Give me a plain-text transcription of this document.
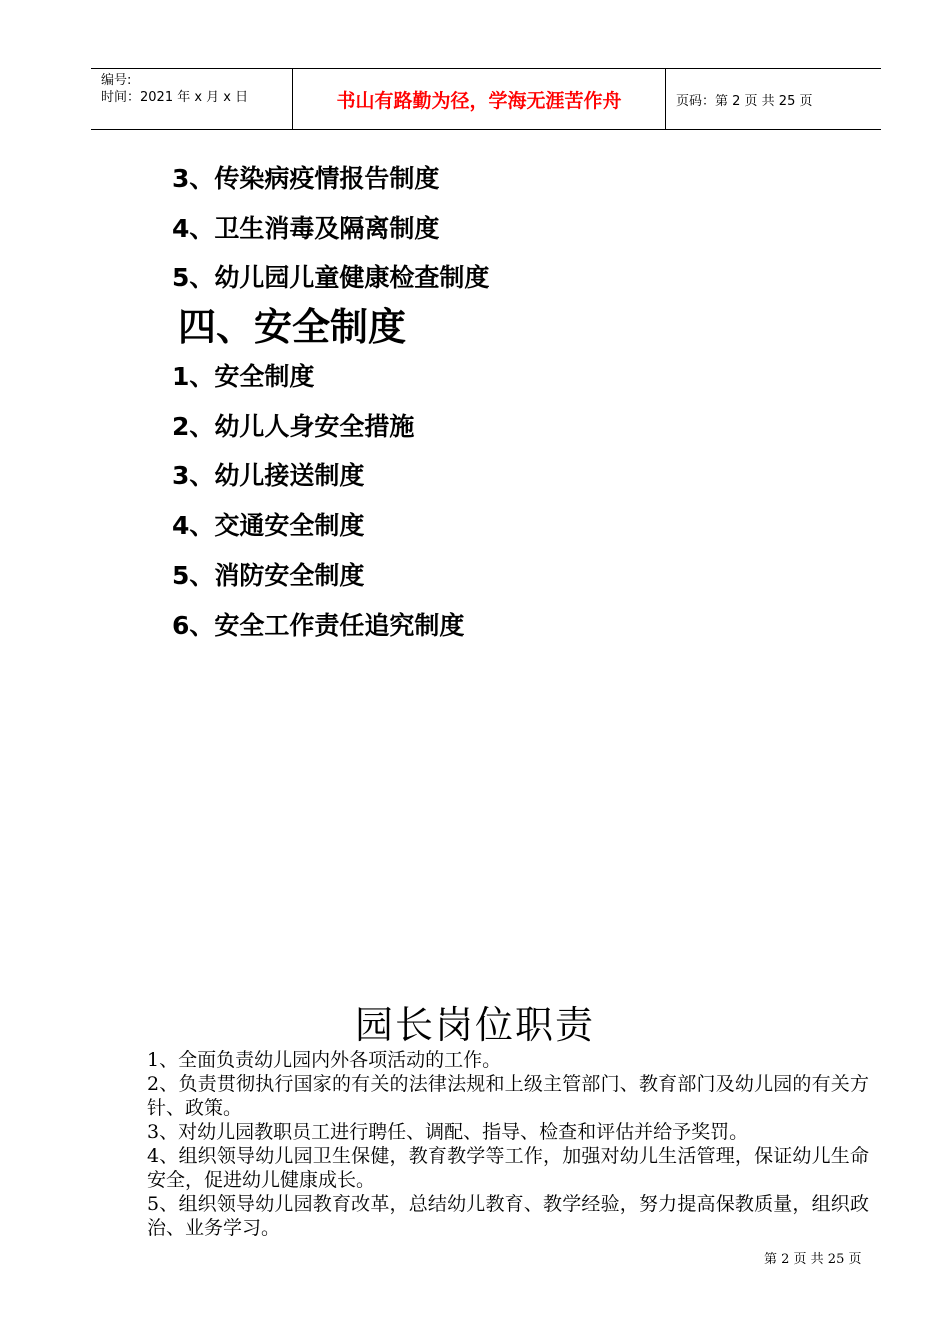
编号:
时间：2021 年 x 月 x 日	书山有路勤为径，学海无涯苦作舟	页码：第 2 页 共 25 页
3、传染病疫情报告制度
4、卫生消毒及隔离制度
5、幼儿园儿童健康检查制度
四、安全制度
1、安全制度
2、幼儿人身安全措施
3、幼儿接送制度
4、交通安全制度
5、消防安全制度
6、安全工作责任追究制度
园长岗位职责

1、全面负责幼儿园内外各项活动的工作。

2、负责贯彻执行国家的有关的法律法规和上级主管部门、教育部门及幼儿园的有关方针、政策。

3、对幼儿园教职员工进行聘任、调配、指导、检查和评估并给予奖罚。

4、组织领导幼儿园卫生保健，教育教学等工作，加强对幼儿生活管理，保证幼儿生命安全，促进幼儿健康成长。

5、组织领导幼儿园教育改革，总结幼儿教育、教学经验，努力提高保教质量，组织政治、业务学习。

第 2 页 共 25 页
